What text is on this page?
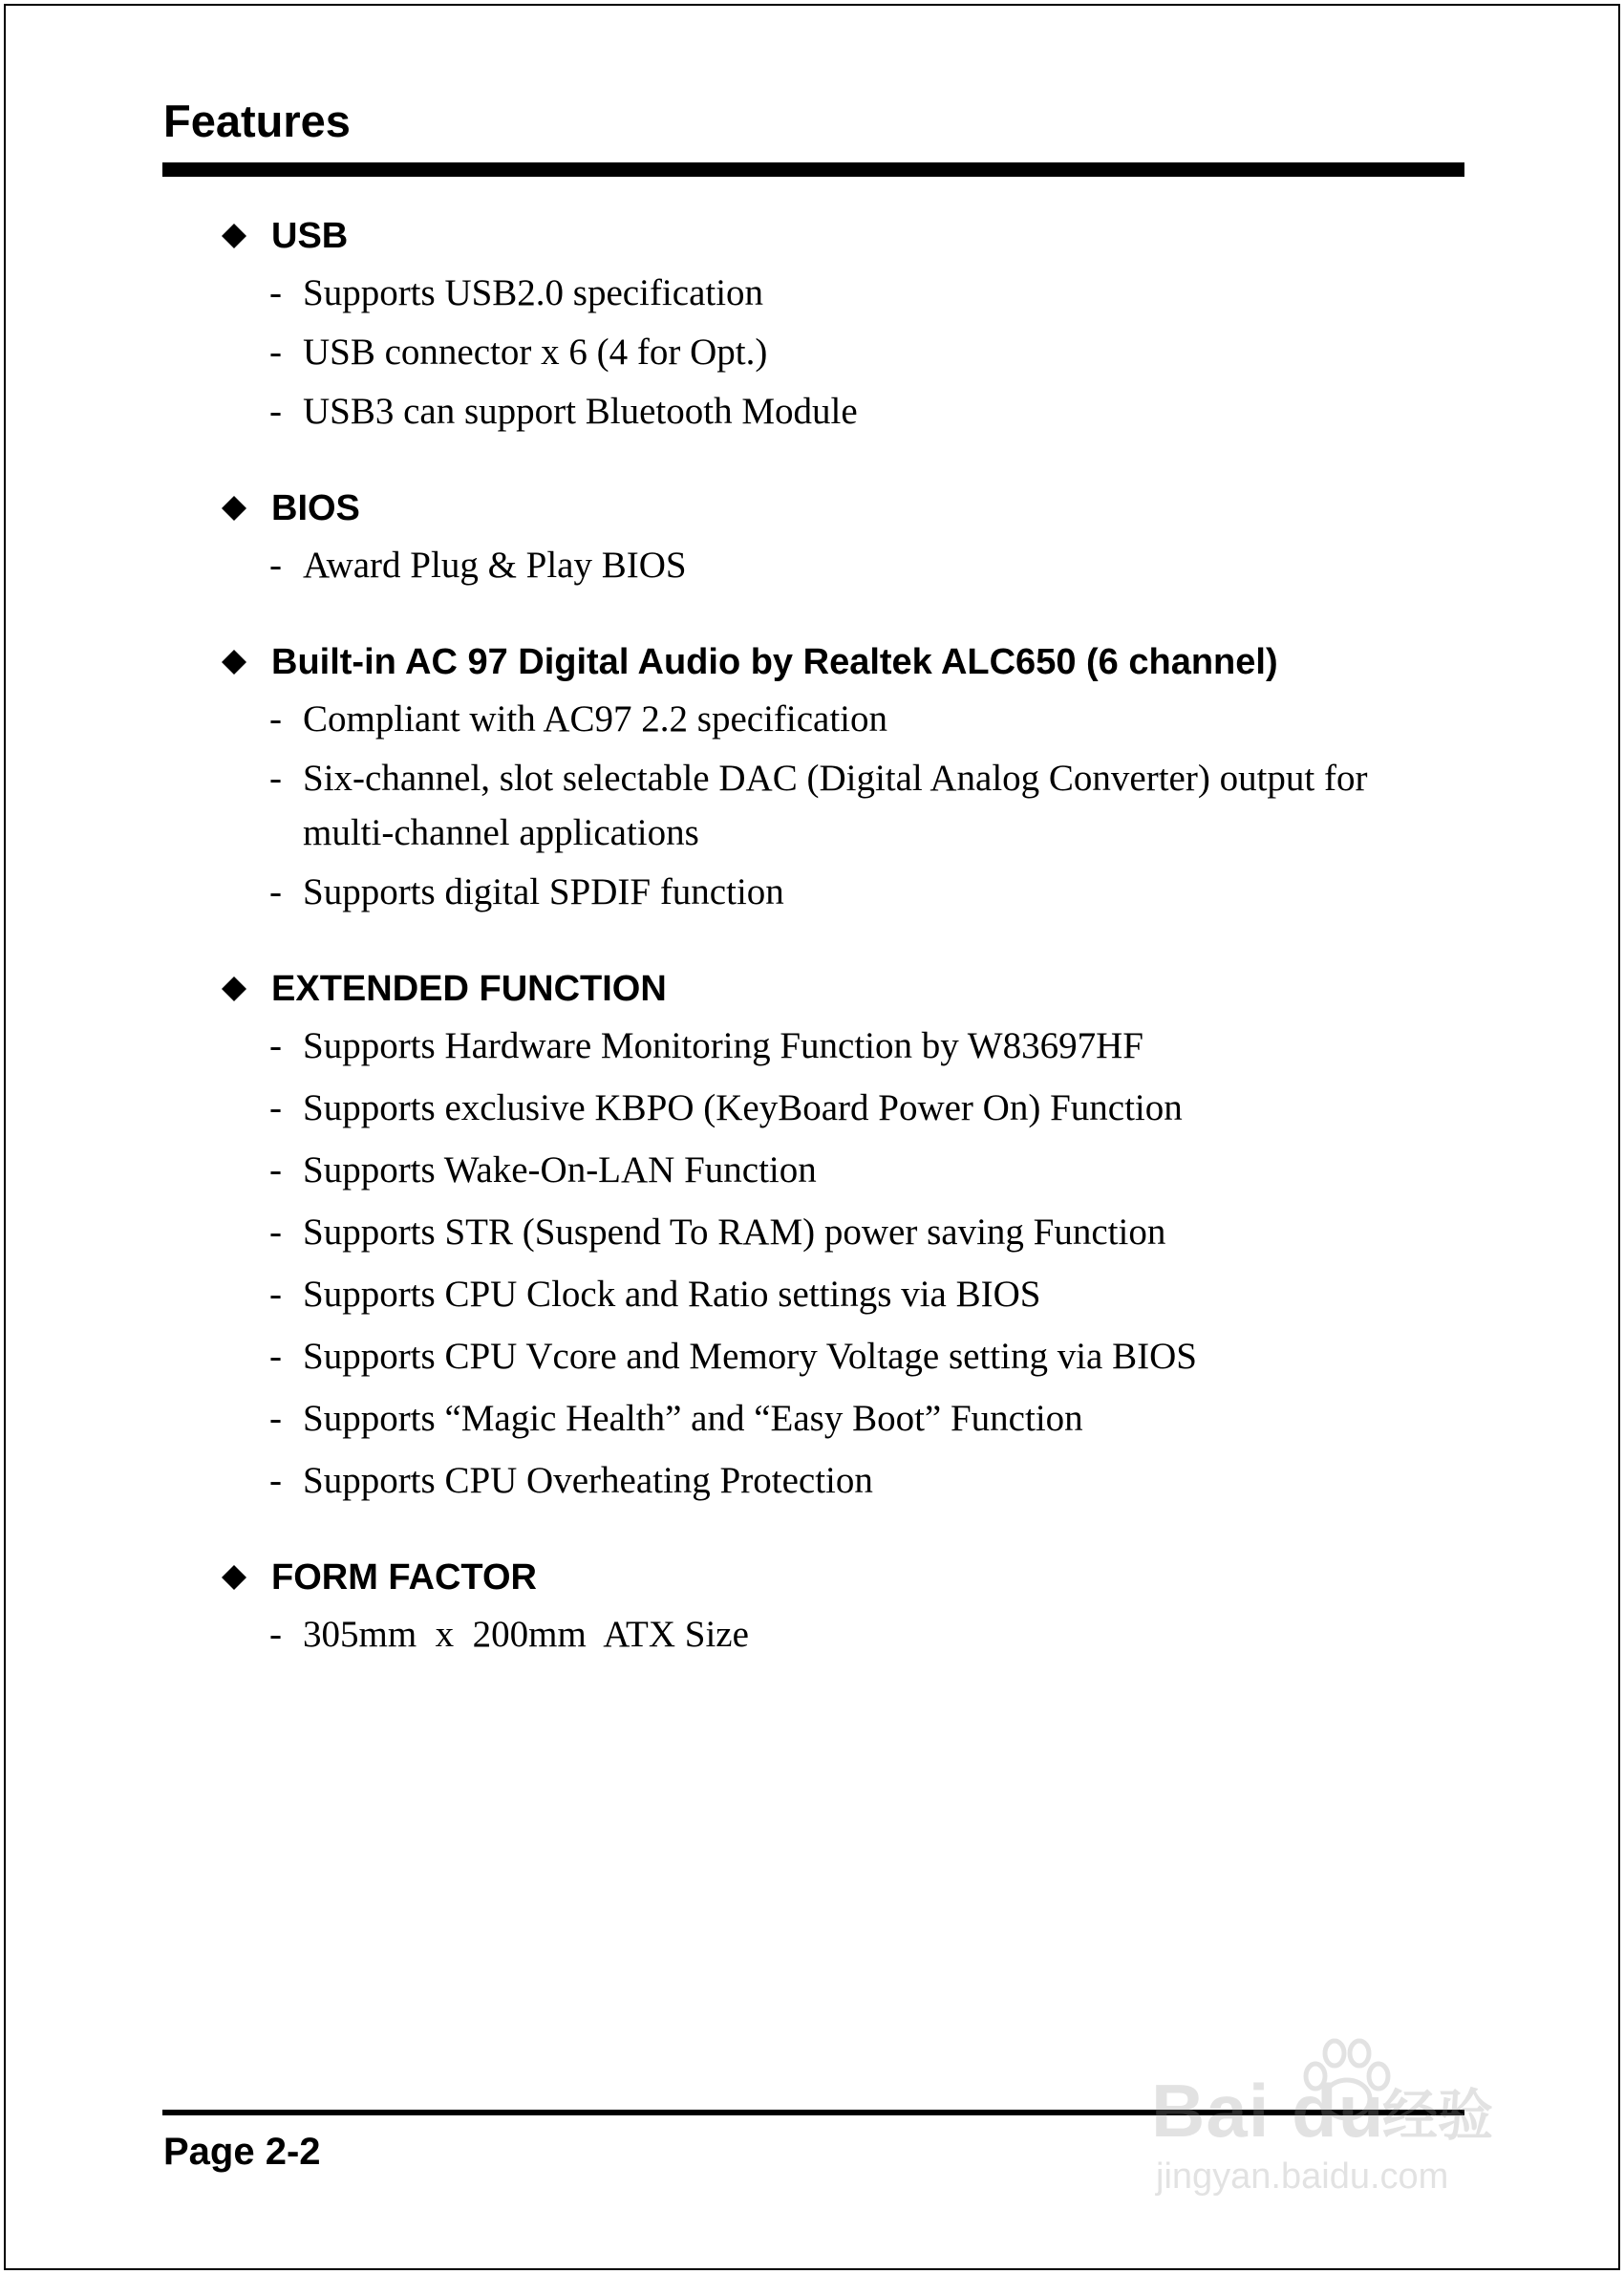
Features
USB
- Supports USB2.0 specification
- USB connector x 6 (4 for Opt.)
- USB3 can support Bluetooth Module
BIOS
- Award Plug & Play BIOS
Built-in AC 97 Digital Audio by Realtek ALC650 (6 channel)
- Compliant with AC97 2.2 specification
- Six-channel, slot selectable DAC (Digital Analog Converter) output for multi-channel applications
- Supports digital SPDIF function
EXTENDED FUNCTION
- Supports Hardware Monitoring Function by W83697HF
- Supports exclusive KBPO (KeyBoard Power On) Function
- Supports Wake-On-LAN Function
- Supports STR (Suspend To RAM) power saving Function
- Supports CPU Clock and Ratio settings via BIOS
- Supports CPU Vcore and Memory Voltage setting via BIOS
- Supports “Magic Health” and “Easy Boot” Function
- Supports CPU Overheating Protection
FORM FACTOR
- 305mm  x  200mm  ATX Size
Page 2-2	Bai du
经验
jingyan.baidu.com
